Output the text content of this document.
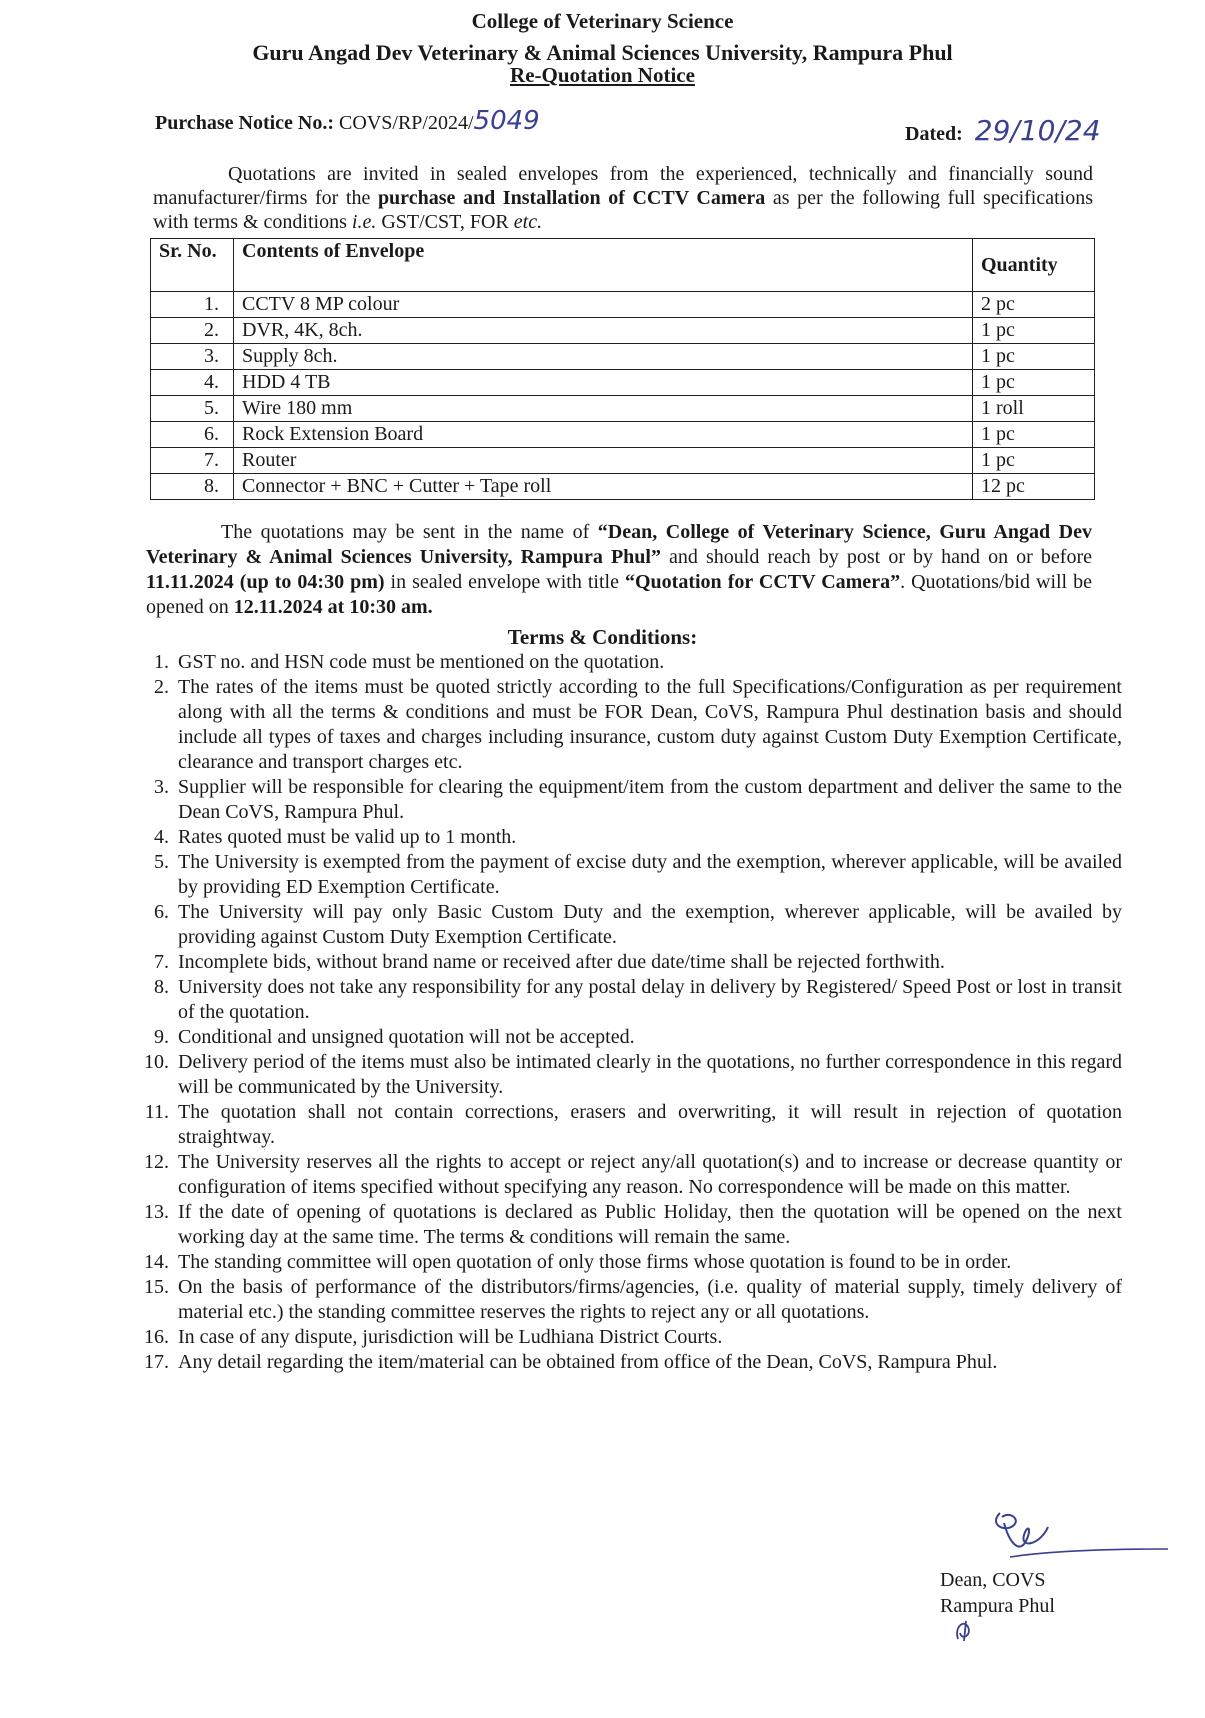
College of Veterinary Science
Guru Angad Dev Veterinary & Animal Sciences University, Rampura Phul
Re-Quotation Notice
Purchase Notice No.: COVS/RP/2024/5049	Dated: 29/10/24
Quotations are invited in sealed envelopes from the experienced, technically and financially sound manufacturer/firms for the purchase and Installation of CCTV Camera as per the following full specifications with terms & conditions i.e. GST/CST, FOR etc.
Sr. No.	Contents of Envelope	Quantity
1.	CCTV 8 MP colour	2 pc
2.	DVR, 4K, 8ch.	1 pc
3.	Supply 8ch.	1 pc
4.	HDD 4 TB	1 pc
5.	Wire 180 mm	1 roll
6.	Rock Extension Board	1 pc
7.	Router	1 pc
8.	Connector + BNC + Cutter + Tape roll	12 pc
The quotations may be sent in the name of “Dean, College of Veterinary Science, Guru Angad Dev Veterinary & Animal Sciences University, Rampura Phul” and should reach by post or by hand on or before 11.11.2024 (up to 04:30 pm) in sealed envelope with title “Quotation for CCTV Camera”. Quotations/bid will be opened on 12.11.2024 at 10:30 am.
Terms & Conditions:
1. GST no. and HSN code must be mentioned on the quotation.
2. The rates of the items must be quoted strictly according to the full Specifications/Configuration as per requirement along with all the terms & conditions and must be FOR Dean, CoVS, Rampura Phul destination basis and should include all types of taxes and charges including insurance, custom duty against Custom Duty Exemption Certificate, clearance and transport charges etc.
3. Supplier will be responsible for clearing the equipment/item from the custom department and deliver the same to the Dean CoVS, Rampura Phul.
4. Rates quoted must be valid up to 1 month.
5. The University is exempted from the payment of excise duty and the exemption, wherever applicable, will be availed by providing ED Exemption Certificate.
6. The University will pay only Basic Custom Duty and the exemption, wherever applicable, will be availed by providing against Custom Duty Exemption Certificate.
7. Incomplete bids, without brand name or received after due date/time shall be rejected forthwith.
8. University does not take any responsibility for any postal delay in delivery by Registered/ Speed Post or lost in transit of the quotation.
9. Conditional and unsigned quotation will not be accepted.
10. Delivery period of the items must also be intimated clearly in the quotations, no further correspondence in this regard will be communicated by the University.
11. The quotation shall not contain corrections, erasers and overwriting, it will result in rejection of quotation straightway.
12. The University reserves all the rights to accept or reject any/all quotation(s) and to increase or decrease quantity or configuration of items specified without specifying any reason. No correspondence will be made on this matter.
13. If the date of opening of quotations is declared as Public Holiday, then the quotation will be opened on the next working day at the same time. The terms & conditions will remain the same.
14. The standing committee will open quotation of only those firms whose quotation is found to be in order.
15. On the basis of performance of the distributors/firms/agencies, (i.e. quality of material supply, timely delivery of material etc.) the standing committee reserves the rights to reject any or all quotations.
16. In case of any dispute, jurisdiction will be Ludhiana District Courts.
17. Any detail regarding the item/material can be obtained from office of the Dean, CoVS, Rampura Phul.
Dean, COVS
Rampura Phul
